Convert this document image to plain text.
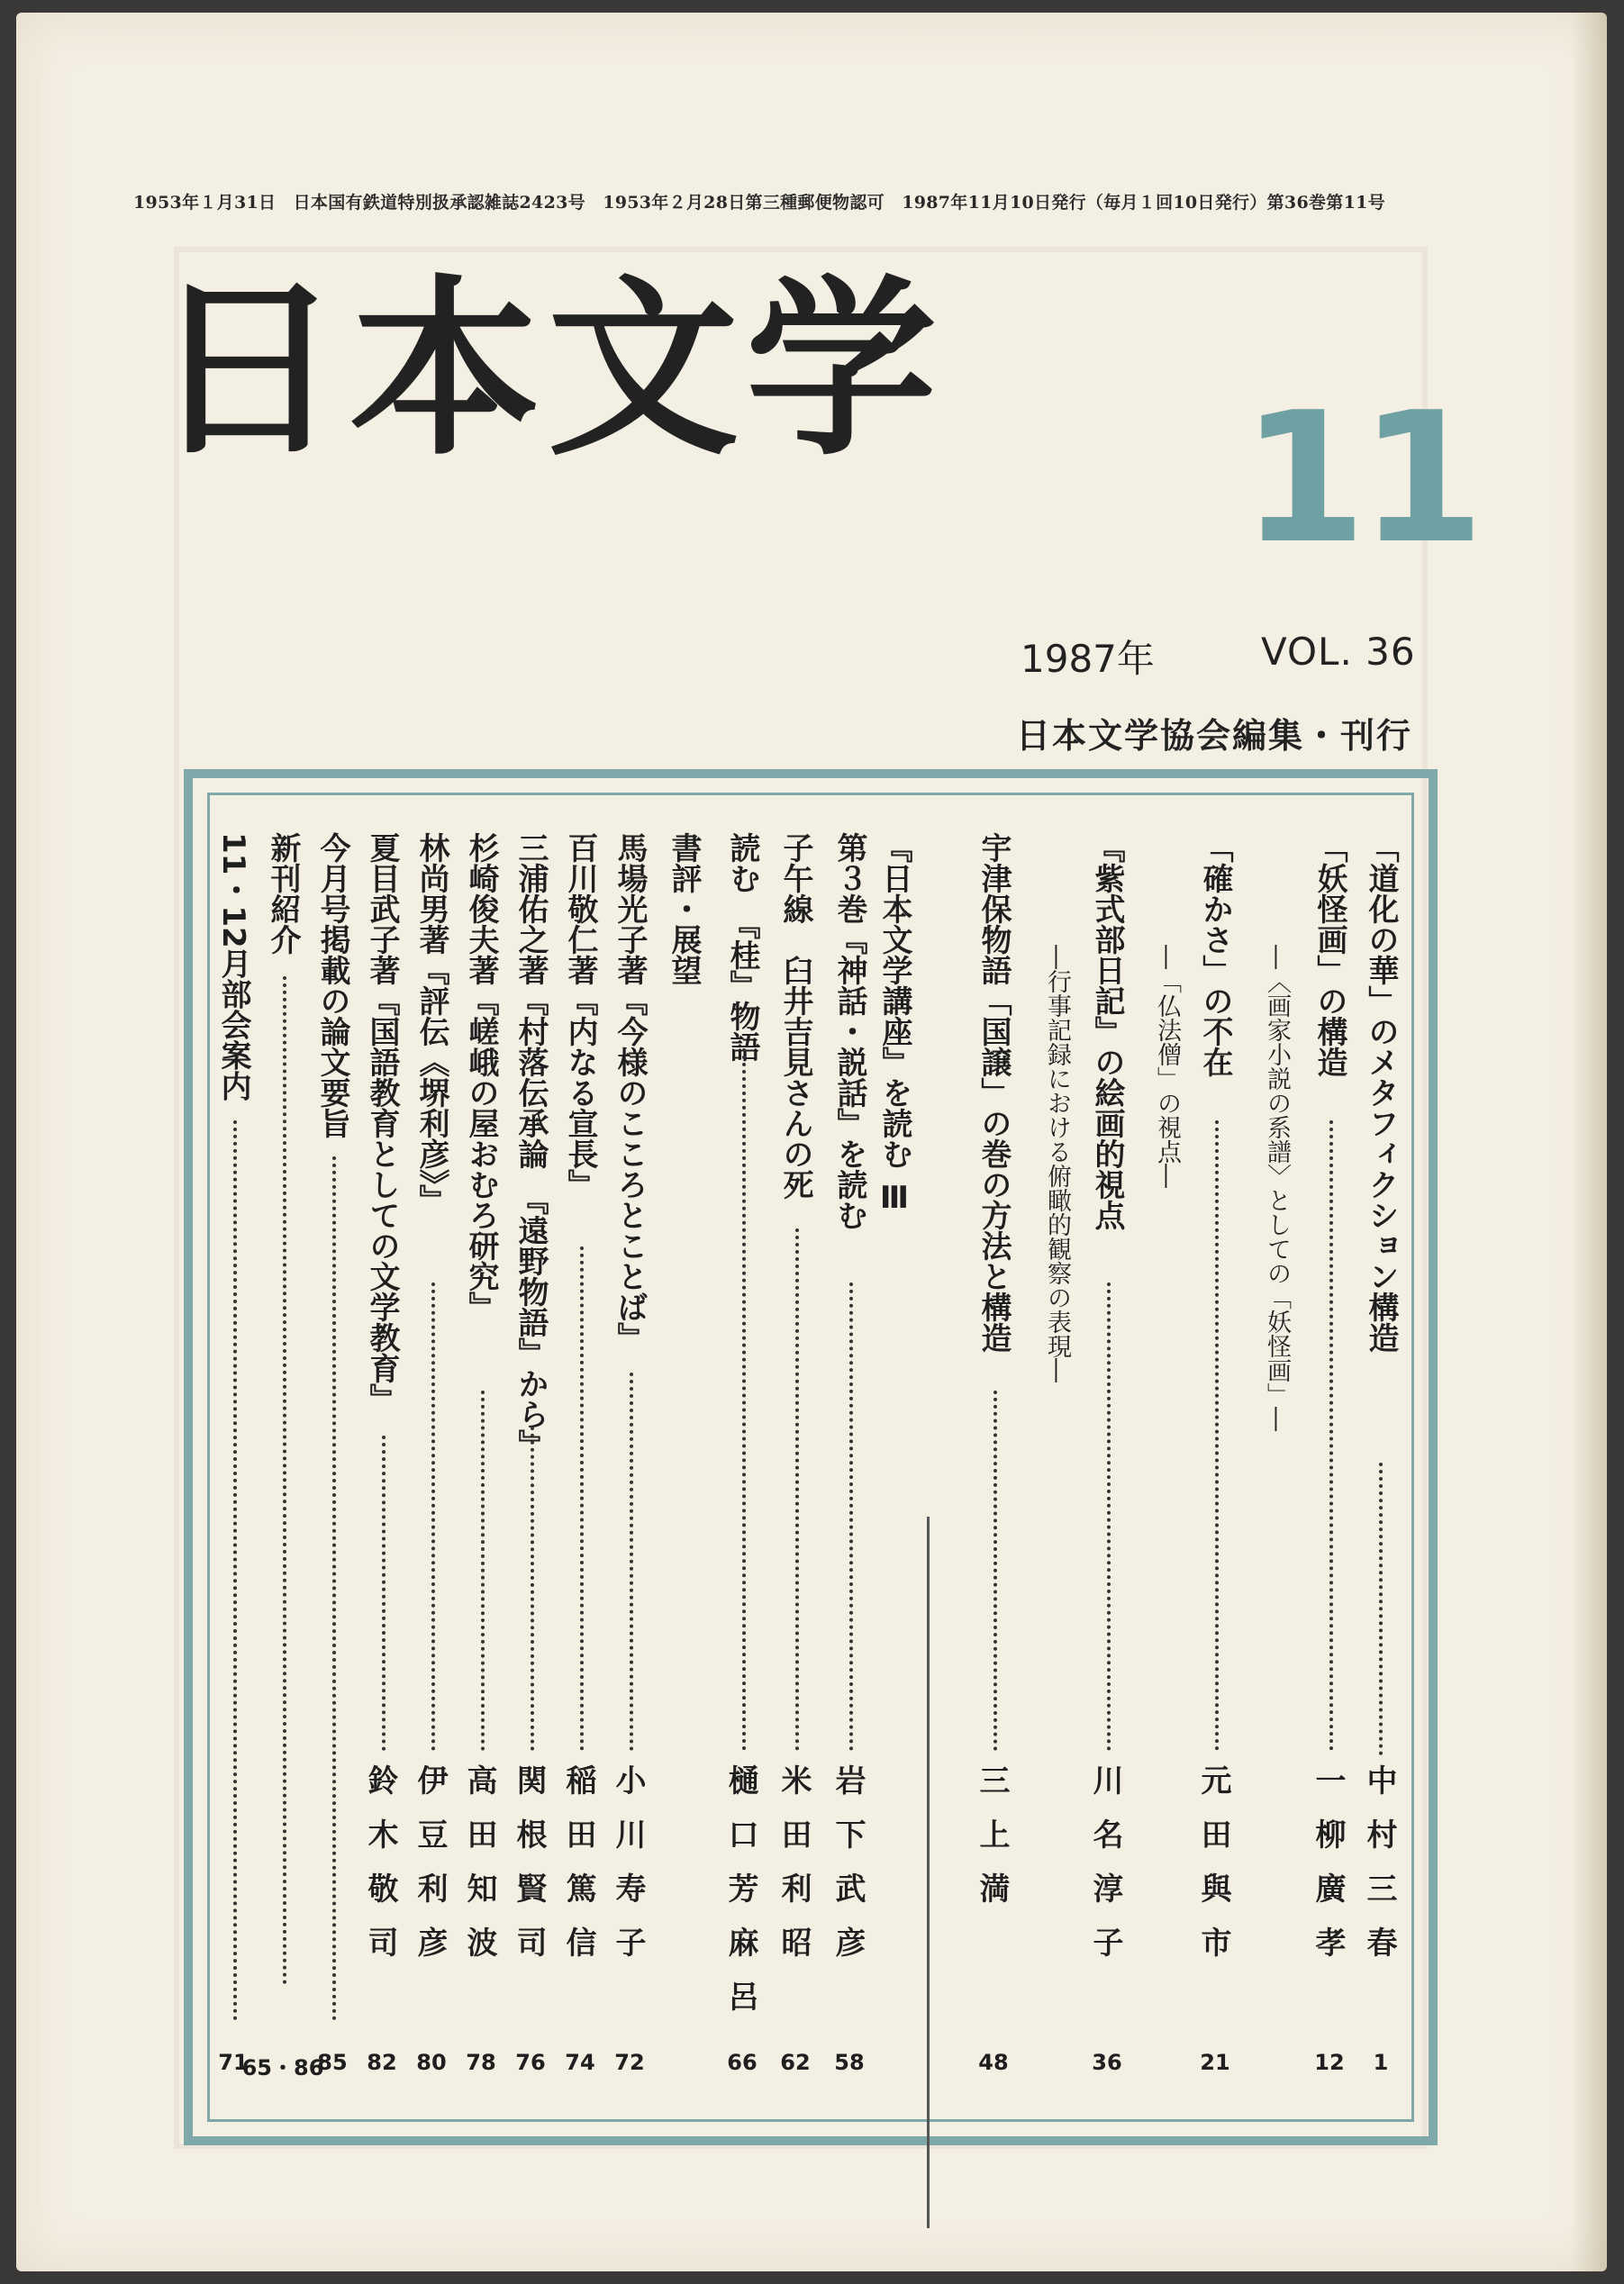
1953年１月31日　日本国有鉄道特別扱承認雑誌2423号　1953年２月28日第三種郵便物認可　1987年11月10日発行（毎月１回10日発行）第36巻第11号
日本文学 11
1987年	VOL. 36
日本文学協会編集・刊行
「道化の華」のメタフィクション構造
中村三春
1
「妖怪画」の構造
―〈画家小説の系譜〉としての「妖怪画」―
一柳廣孝
12
「確かさ」の不在
―「仏法僧」の視点―
元田與市
21
『紫式部日記』の絵画的視点
―行事記録における俯瞰的観察の表現―
川名淳子
36
宇津保物語「国譲」の巻の方法と構造
三上満
48
『日本文学講座』を読む Ⅲ
第３巻『神話・説話』を読む
岩下武彦
58
子午線　臼井吉見さんの死
米田利昭
62
読む　『桂』物語
樋口芳麻呂
66
書評・展望
馬場光子著『今様のこころとことば』
小川寿子
72
百川敬仁著『内なる宣長』
稲田篤信
74
三浦佑之著『村落伝承論　『遠野物語』から』
関根賢司
76
杉崎俊夫著『嵯峨の屋おむろ研究』
高田知波
78
林尚男著『評伝《堺利彦》』
伊豆利彦
80
夏目武子著『国語教育としての文学教育』
鈴木敬司
82
今月号掲載の論文要旨
85
新刊紹介
65・86
11・12月部会案内
71
